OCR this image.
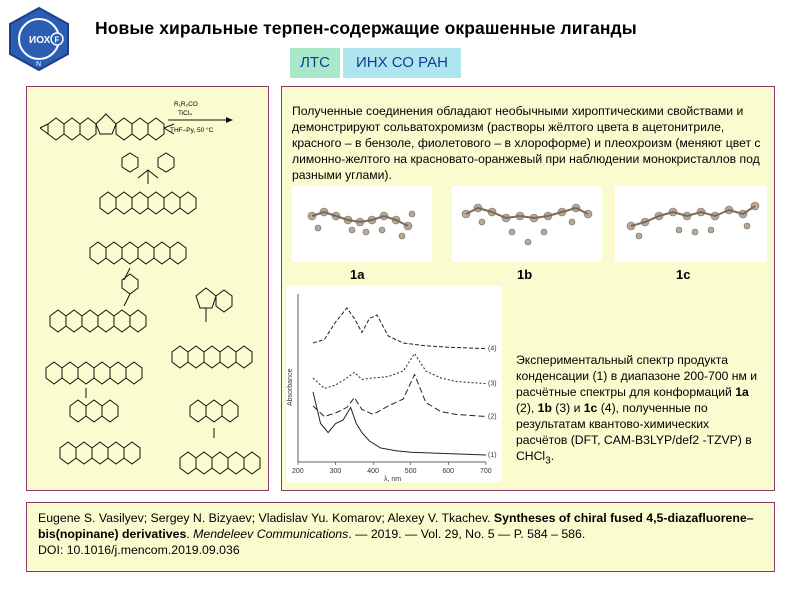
ИОХ F
N
Новые хиральные терпен-содержащие окрашенные лиганды
ЛТС	ИНХ СО РАН
R₁R₂CO
TiCl₄
THF–Py, 50 °C
Полученные соединения обладают необычными хироптическими свойствами и демонстрируют сольватохромизм (растворы жёлтого цвета в ацетонитриле, красного – в бензоле, фиолетового – в хлороформе) и плеохроизм (меняют цвет с лимонно-желтого на красновато-оранжевый при наблюдении монокристаллов под разными углами).
1a	1b	1c
200	300	400	500	600	700
λ, nm
Absorbance
(1)
(2)
(3)
(4)
Экспериментальный спектр продукта конденсации (1) в диапазоне 200-700 нм и расчётные спектры для конформаций 1a (2), 1b (3) и 1c (4), полученные по результатам квантово-химических расчётов (DFT, CAM-B3LYP/def2 -TZVP) в CHCl$_3$.
Eugene S. Vasilyev; Sergey N. Bizyaev; Vladislav Yu. Komarov; Alexey V. Tkachev. Syntheses of chiral fused 4,5-diazafluorene–bis(nopinane) derivatives. Mendeleev Communications. — 2019. — Vol. 29, No. 5 — P. 584 – 586.
DOI: 10.1016/j.mencom.2019.09.036
